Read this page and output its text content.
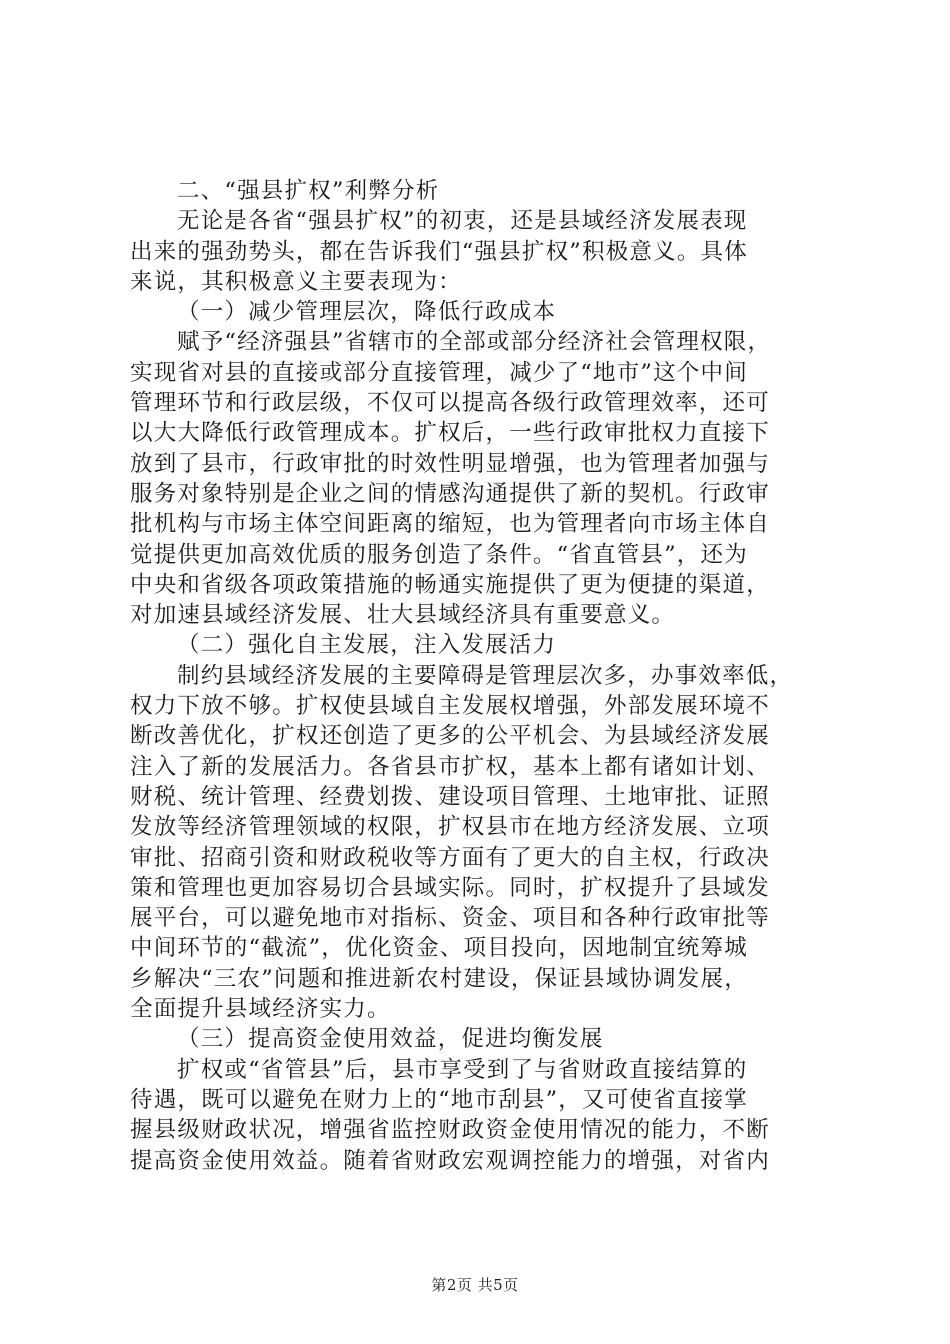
二、“强县扩权”利弊分析
无论是各省“强县扩权”的初衷，还是县域经济发展表现
出来的强劲势头，都在告诉我们“强县扩权”积极意义。具体
来说，其积极意义主要表现为：
（一）减少管理层次，降低行政成本
赋予“经济强县”省辖市的全部或部分经济社会管理权限，
实现省对县的直接或部分直接管理，减少了“地市”这个中间
管理环节和行政层级，不仅可以提高各级行政管理效率，还可
以大大降低行政管理成本。扩权后，一些行政审批权力直接下
放到了县市，行政审批的时效性明显增强，也为管理者加强与
服务对象特别是企业之间的情感沟通提供了新的契机。行政审
批机构与市场主体空间距离的缩短，也为管理者向市场主体自
觉提供更加高效优质的服务创造了条件。“省直管县”，还为
中央和省级各项政策措施的畅通实施提供了更为便捷的渠道，
对加速县域经济发展、壮大县域经济具有重要意义。
（二）强化自主发展，注入发展活力
制约县域经济发展的主要障碍是管理层次多，办事效率低，
权力下放不够。扩权使县域自主发展权增强，外部发展环境不
断改善优化，扩权还创造了更多的公平机会、为县域经济发展
注入了新的发展活力。各省县市扩权，基本上都有诸如计划、
财税、统计管理、经费划拨、建设项目管理、土地审批、证照
发放等经济管理领域的权限，扩权县市在地方经济发展、立项
审批、招商引资和财政税收等方面有了更大的自主权，行政决
策和管理也更加容易切合县域实际。同时，扩权提升了县域发
展平台，可以避免地市对指标、资金、项目和各种行政审批等
中间环节的“截流”，优化资金、项目投向，因地制宜统筹城
乡解决“三农”问题和推进新农村建设，保证县域协调发展，
全面提升县域经济实力。
（三）提高资金使用效益，促进均衡发展
扩权或“省管县”后，县市享受到了与省财政直接结算的
待遇，既可以避免在财力上的“地市刮县”，又可使省直接掌
握县级财政状况，增强省监控财政资金使用情况的能力，不断
提高资金使用效益。随着省财政宏观调控能力的增强，对省内
第2页 共5页
